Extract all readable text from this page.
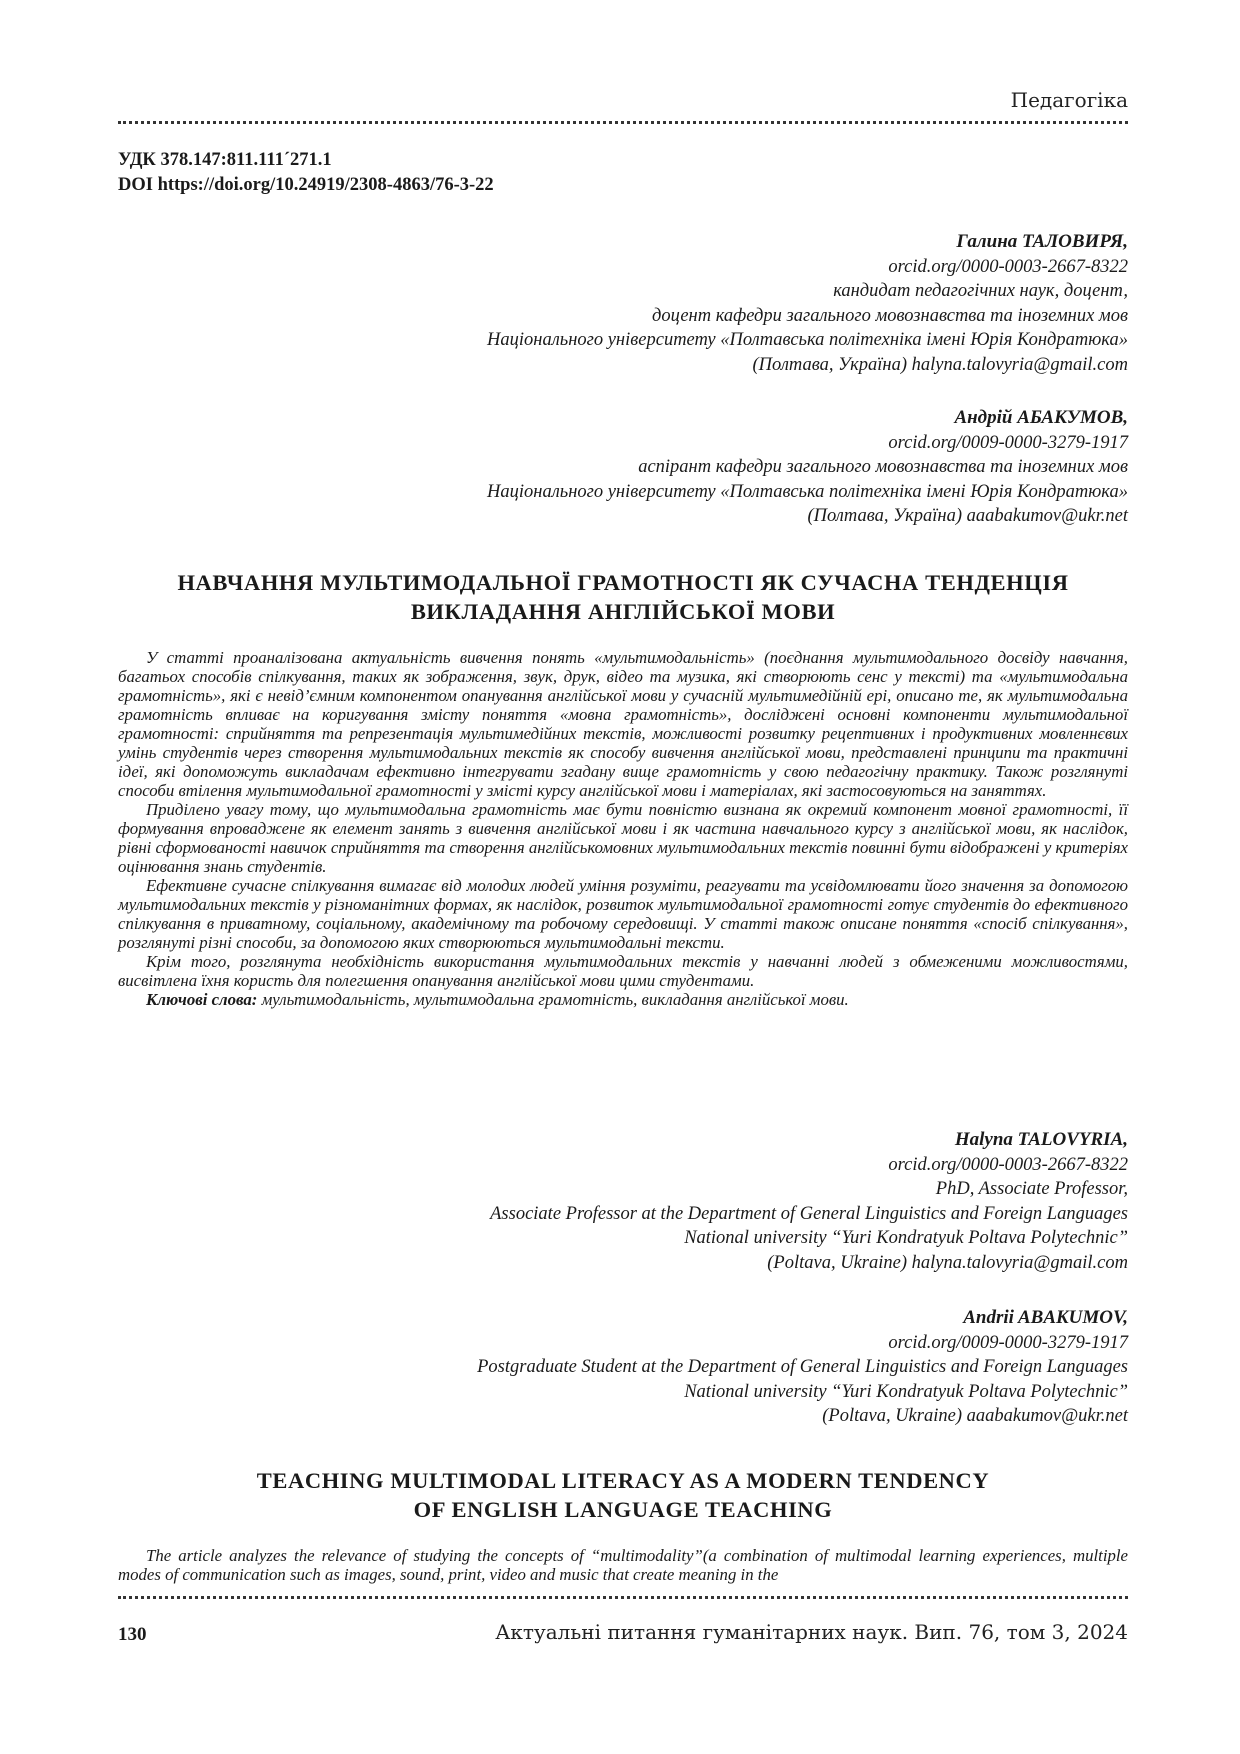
Педагогіка
УДК 378.147:811.111´271.1
DOI https://doi.org/10.24919/2308-4863/76-3-22
Галина ТАЛОВИРЯ,
orcid.org/0000-0003-2667-8322
кандидат педагогічних наук, доцент,
доцент кафедри загального мовознавства та іноземних мов
Національного університету «Полтавська політехніка імені Юрія Кондратюка»
(Полтава, Україна) halyna.talovyria@gmail.com
Андрій АБАКУМОВ,
orcid.org/0009-0000-3279-1917
аспірант кафедри загального мовознавства та іноземних мов
Національного університету «Полтавська політехніка імені Юрія Кондратюка»
(Полтава, Україна) aaabakumov@ukr.net
НАВЧАННЯ МУЛЬТИМОДАЛЬНОЇ ГРАМОТНОСТІ ЯК СУЧАСНА ТЕНДЕНЦІЯ
ВИКЛАДАННЯ АНГЛІЙСЬКОЇ МОВИ

У статті проаналізована актуальність вивчення понять «мультимодальність» (поєднання мультимодального досвіду навчання, багатьох способів спілкування, таких як зображення, звук, друк, відео та музика, які створюють сенс у тексті) та «мультимодальна грамотність», які є невід’ємним компонентом опанування англійської мови у сучасній мультимедійній ері, описано те, як мультимодальна грамотність впливає на коригування змісту поняття «мовна грамотність», досліджені основні компоненти мультимодальної грамотності: сприйняття та репрезентація мультимедійних текстів, можливості розвитку рецептивних і продуктивних мовленнєвих умінь студентів через створення мультимодальних текстів як способу вивчення англійської мови, представлені принципи та практичні ідеї, які допоможуть викладачам ефективно інтегрувати згадану вище грамотність у свою педагогічну практику. Також розглянуті способи втілення мультимодальної грамотності у змісті курсу англійської мови і матеріалах, які застосовуються на заняттях.

Приділено увагу тому, що мультимодальна грамотність має бути повністю визнана як окремий компонент мовної грамотності, її формування впроваджене як елемент занять з вивчення англійської мови і як частина навчального курсу з англійської мови, як наслідок, рівні сформованості навичок сприйняття та створення англійськомовних мультимодальних текстів повинні бути відображені у критеріях оцінювання знань студентів.

Ефективне сучасне спілкування вимагає від молодих людей уміння розуміти, реагувати та усвідомлювати його значення за допомогою мультимодальних текстів у різноманітних формах, як наслідок, розвиток мультимодальної грамотності готує студентів до ефективного спілкування в приватному, соціальному, академічному та робочому середовищі. У статті також описане поняття «спосіб спілкування», розглянуті різні способи, за допомогою яких створюються мультимодальні тексти.

Крім того, розглянута необхідність використання мультимодальних текстів у навчанні людей з обмеженими можливостями, висвітлена їхня користь для полегшення опанування англійської мови цими студентами.

Ключові слова: мультимодальність, мультимодальна грамотність, викладання англійської мови.

Halyna TALOVYRIA,
orcid.org/0000-0003-2667-8322
PhD, Associate Professor,
Associate Professor at the Department of General Linguistics and Foreign Languages
National university “Yuri Kondratyuk Poltava Polytechnic”
(Poltava, Ukraine) halyna.talovyria@gmail.com
Andrii ABAKUMOV,
orcid.org/0009-0000-3279-1917
Postgraduate Student at the Department of General Linguistics and Foreign Languages
National university “Yuri Kondratyuk Poltava Polytechnic”
(Poltava, Ukraine) aaabakumov@ukr.net
TEACHING MULTIMODAL LITERACY AS A MODERN TENDENCY
OF ENGLISH LANGUAGE TEACHING

The article analyzes the relevance of studying the concepts of “multimodality”(a combination of multimodal learning experiences, multiple modes of communication such as images, sound, print, video and music that create meaning in the

130	Актуальні питання гуманітарних наук. Вип. 76, том 3, 2024
